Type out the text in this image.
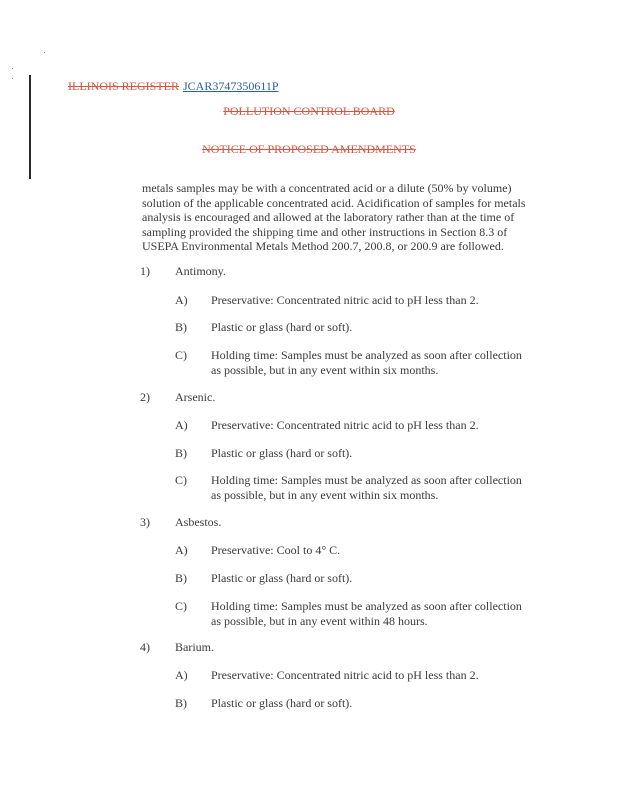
ILLINOIS REGISTER JCAR3747350611P
POLLUTION CONTROL BOARD
NOTICE OF PROPOSED AMENDMENTS
metals samples may be with a concentrated acid or a dilute (50% by volume) solution of the applicable concentrated acid. Acidification of samples for metals analysis is encouraged and allowed at the laboratory rather than at the time of sampling provided the shipping time and other instructions in Section 8.3 of USEPA Environmental Metals Method 200.7, 200.8, or 200.9 are followed.
1) Antimony.
A) Preservative: Concentrated nitric acid to pH less than 2.
B) Plastic or glass (hard or soft).
C) Holding time: Samples must be analyzed as soon after collection as possible, but in any event within six months.
2) Arsenic.
A) Preservative: Concentrated nitric acid to pH less than 2.
B) Plastic or glass (hard or soft).
C) Holding time: Samples must be analyzed as soon after collection as possible, but in any event within six months.
3) Asbestos.
A) Preservative: Cool to 4° C.
B) Plastic or glass (hard or soft).
C) Holding time: Samples must be analyzed as soon after collection as possible, but in any event within 48 hours.
4) Barium.
A) Preservative: Concentrated nitric acid to pH less than 2.
B) Plastic or glass (hard or soft).
